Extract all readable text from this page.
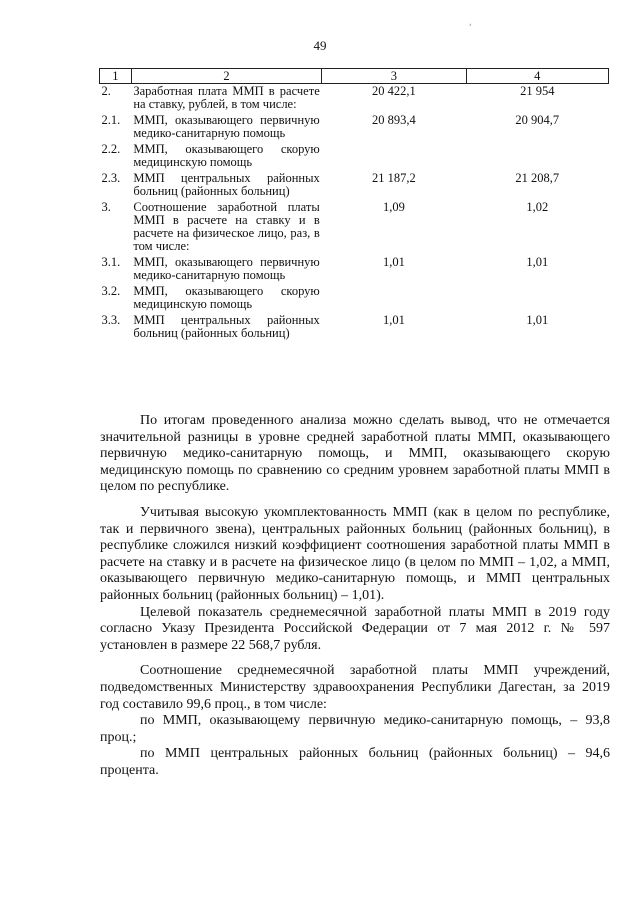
¸
49
1	2	3	4
2.	Заработная плата ММП в расчете на ставку, рублей, в том числе:	20 422,1	21 954
2.1.	ММП, оказывающего первичную медико-санитарную помощь	20 893,4	20 904,7
2.2.	ММП, оказывающего скорую медицинскую помощь		
2.3.	ММП центральных районных больниц (районных больниц)	21 187,2	21 208,7
3.	Соотношение заработной платы ММП в расчете на ставку и в расчете на физическое лицо, раз, в том числе:	1,09	1,02
3.1.	ММП, оказывающего первичную медико-санитарную помощь	1,01	1,01
3.2.	ММП, оказывающего скорую медицинскую помощь		
3.3.	ММП центральных районных больниц (районных больниц)	1,01	1,01

По итогам проведенного анализа можно сделать вывод, что не отмечается значительной разницы в уровне средней заработной платы ММП, оказывающего первичную медико-санитарную помощь, и ММП, оказывающего скорую медицинскую помощь по сравнению со средним уровнем заработной платы ММП в целом по республике.

Учитывая высокую укомплектованность ММП (как в целом по республике, так и первичного звена), центральных районных больниц (районных больниц), в республике сложился низкий коэффициент соотношения заработной платы ММП в расчете на ставку и в расчете на физическое лицо (в целом по ММП – 1,02, а ММП, оказывающего первичную медико-санитарную помощь, и ММП центральных районных больниц (районных больниц) – 1,01).

Целевой показатель среднемесячной заработной платы ММП в 2019 году согласно Указу Президента Российской Федерации от 7 мая 2012 г. № 597 установлен в размере 22 568,7 рубля.

Соотношение среднемесячной заработной платы ММП учреждений, подведомственных Министерству здравоохранения Республики Дагестан, за 2019 год составило 99,6 проц., в том числе:

по ММП, оказывающему первичную медико-санитарную помощь, – 93,8 проц.;

по ММП центральных районных больниц (районных больниц) – 94,6 процента.
